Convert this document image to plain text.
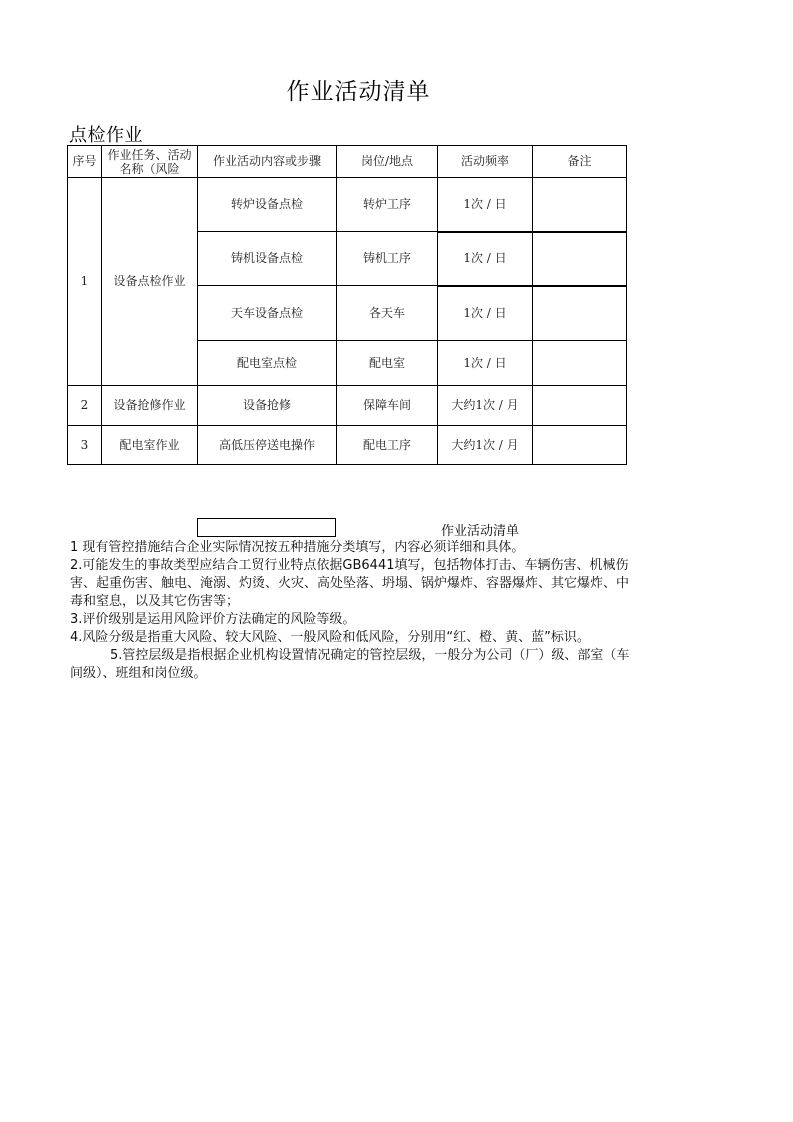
作业活动清单
点检作业
序号	作业任务、活动名称（风险	作业活动内容或步骤	岗位/地点	活动频率	备注
1	设备点检作业	转炉设备点检	转炉工序	1次 / 日	
		铸机设备点检	铸机工序	1次 / 日	
		天车设备点检	各天车	1次 / 日	
		配电室点检	配电室	1次 / 日	
2	设备抢修作业	设备抢修	保障车间	大约1次 / 月	
3	配电室作业	高低压停送电操作	配电工序	大约1次 / 月	
作业活动清单

1 现有管控措施结合企业实际情况按五种措施分类填写，内容必须详细和具体。

2.可能发生的事故类型应结合工贸行业特点依据GB6441填写，包括物体打击、车辆伤害、机械伤害、起重伤害、触电、淹溺、灼烫、火灾、高处坠落、坍塌、锅炉爆炸、容器爆炸、其它爆炸、中毒和窒息，以及其它伤害等；

3.评价级别是运用风险评价方法确定的风险等级。

4.风险分级是指重大风险、较大风险、一般风险和低风险，分别用“红、橙、黄、蓝”标识。

5.管控层级是指根据企业机构设置情况确定的管控层级，一般分为公司（厂）级、部室（车间级）、班组和岗位级。
